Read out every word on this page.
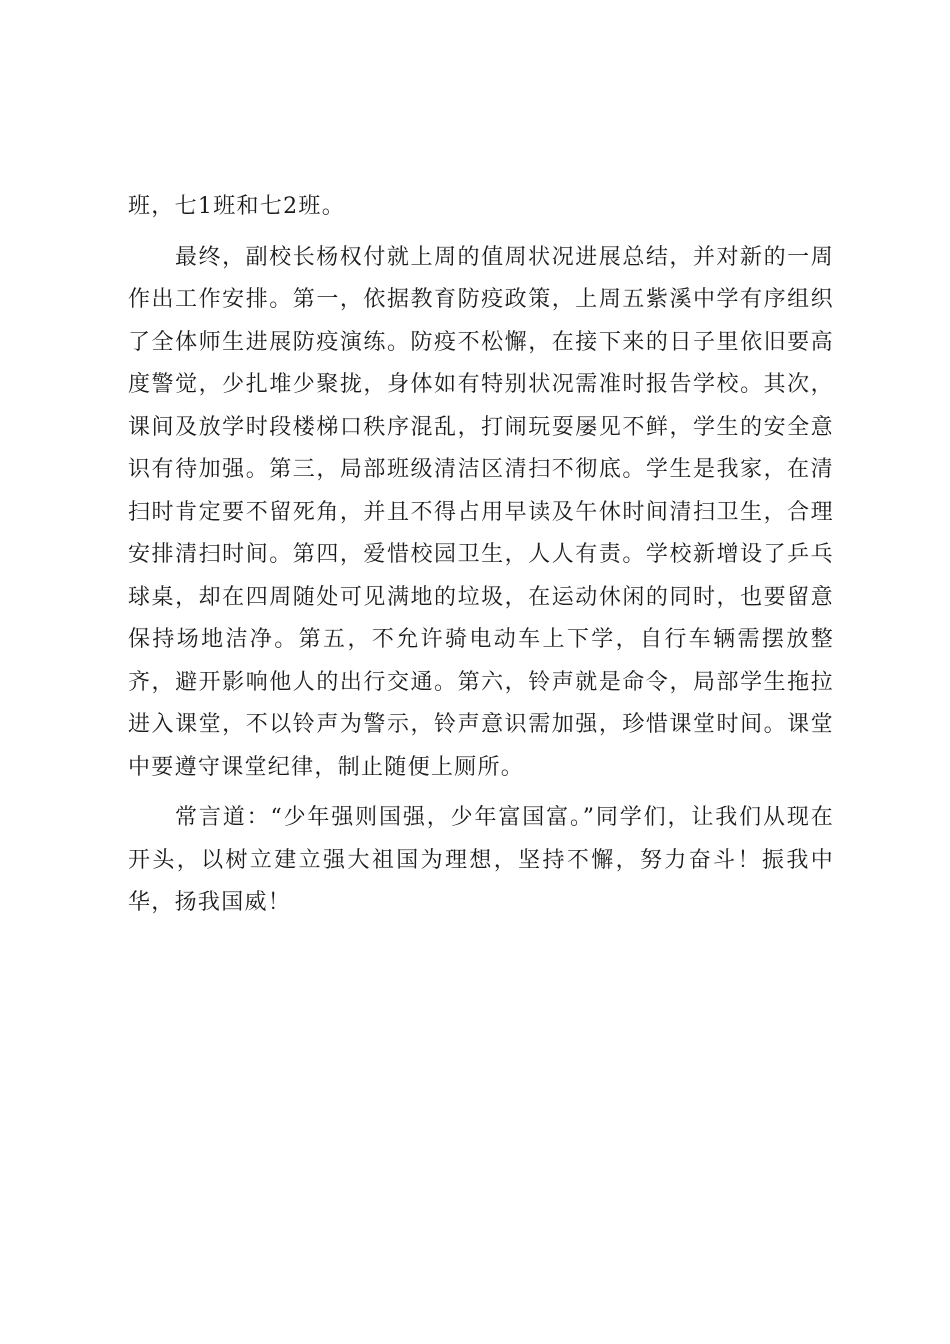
班，七1班和七2班。

最终，副校长杨权付就上周的值周状况进展总结，并对新的一周作出工作安排。第一，依据教育防疫政策，上周五紫溪中学有序组织了全体师生进展防疫演练。防疫不松懈，在接下来的日子里依旧要高度警觉，少扎堆少聚拢，身体如有特别状况需准时报告学校。其次，课间及放学时段楼梯口秩序混乱，打闹玩耍屡见不鲜，学生的安全意识有待加强。第三，局部班级清洁区清扫不彻底。学生是我家，在清扫时肯定要不留死角，并且不得占用早读及午休时间清扫卫生，合理安排清扫时间。第四，爱惜校园卫生，人人有责。学校新增设了乒乓球桌，却在四周随处可见满地的垃圾，在运动休闲的同时，也要留意保持场地洁净。第五，不允许骑电动车上下学，自行车辆需摆放整齐，避开影响他人的出行交通。第六，铃声就是命令，局部学生拖拉进入课堂，不以铃声为警示，铃声意识需加强，珍惜课堂时间。课堂中要遵守课堂纪律，制止随便上厕所。

常言道：“少年强则国强，少年富国富。”同学们，让我们从现在开头，以树立建立强大祖国为理想，坚持不懈，努力奋斗！振我中华，扬我国威！
